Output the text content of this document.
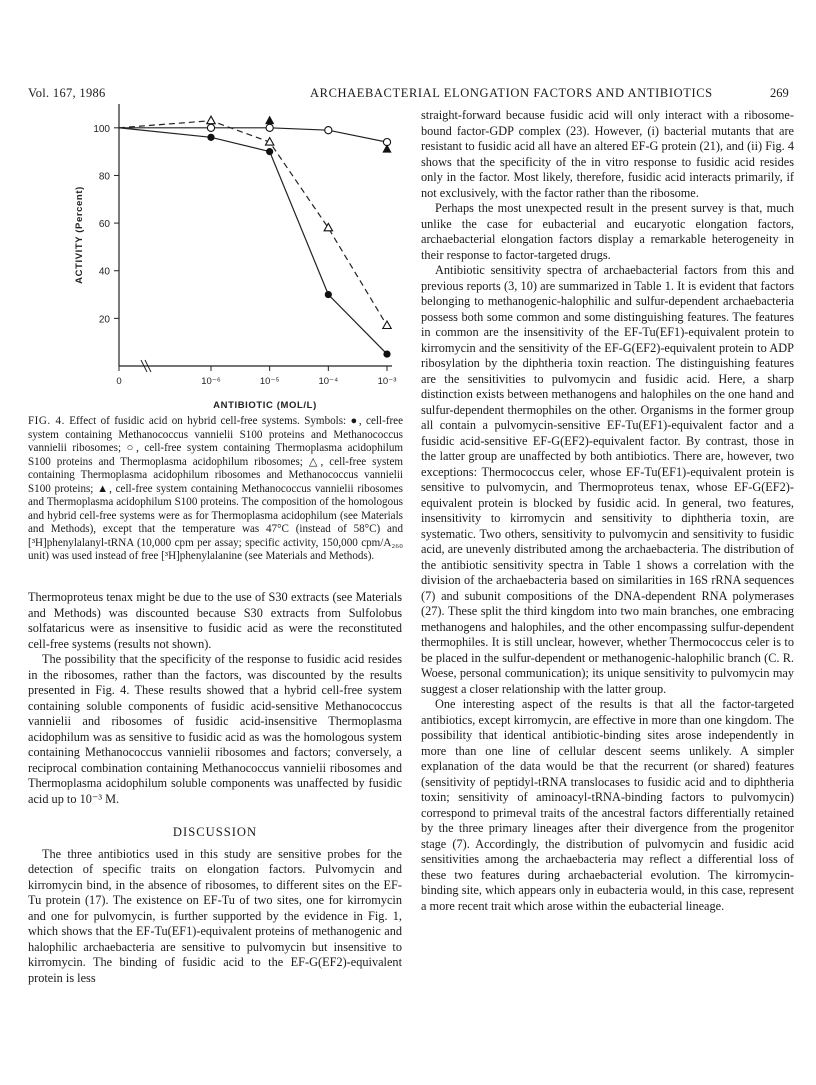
Vol. 167, 1986	ARCHAEBACTERIAL ELONGATION FACTORS AND ANTIBIOTICS	269
20
40
60
80
100
0	10⁻⁶	10⁻⁵	10⁻⁴	10⁻³
ACTIVITY (Percent)
ANTIBIOTIC (MOL/L)
FIG. 4. Effect of fusidic acid on hybrid cell-free systems. Symbols: ●, cell-free system containing Methanococcus vannielii S100 proteins and Methanococcus vannielii ribosomes; ○, cell-free system containing Thermoplasma acidophilum S100 proteins and Thermoplasma acidophilum ribosomes; △, cell-free system containing Thermoplasma acidophilum ribosomes and Methanococcus vannielii S100 proteins; ▲, cell-free system containing Methanococcus vannielii ribosomes and Thermoplasma acidophilum S100 proteins. The composition of the homologous and hybrid cell-free systems were as for Thermoplasma acidophilum (see Materials and Methods), except that the temperature was 47°C (instead of 58°C) and [³H]phenylalanyl-tRNA (10,000 cpm per assay; specific activity, 150,000 cpm/A₂₆₀ unit) was used instead of free [³H]phenylalanine (see Materials and Methods).

Thermoproteus tenax might be due to the use of S30 extracts (see Materials and Methods) was discounted because S30 extracts from Sulfolobus solfataricus were as insensitive to fusidic acid as were the reconstituted cell-free systems (results not shown).

The possibility that the specificity of the response to fusidic acid resides in the ribosomes, rather than the factors, was discounted by the results presented in Fig. 4. These results showed that a hybrid cell-free system containing soluble components of fusidic acid-sensitive Methanococcus vannielii and ribosomes of fusidic acid-insensitive Thermoplasma acidophilum was as sensitive to fusidic acid as was the homologous system containing Methanococcus vannielii ribosomes and factors; conversely, a reciprocal combination containing Methanococcus vannielii ribosomes and Thermoplasma acidophilum soluble components was unaffected by fusidic acid up to 10⁻³ M.

DISCUSSION

The three antibiotics used in this study are sensitive probes for the detection of specific traits on elongation factors. Pulvomycin and kirromycin bind, in the absence of ribosomes, to different sites on the EF-Tu protein (17). The existence on EF-Tu of two sites, one for kirromycin and one for pulvomycin, is further supported by the evidence in Fig. 1, which shows that the EF-Tu(EF1)-equivalent proteins of methanogenic and halophilic archaebacteria are sensitive to pulvomycin but insensitive to kirromycin. The binding of fusidic acid to the EF-G(EF2)-equivalent protein is less

straight-forward because fusidic acid will only interact with a ribosome-bound factor-GDP complex (23). However, (i) bacterial mutants that are resistant to fusidic acid all have an altered EF-G protein (21), and (ii) Fig. 4 shows that the specificity of the in vitro response to fusidic acid resides only in the factor. Most likely, therefore, fusidic acid interacts primarily, if not exclusively, with the factor rather than the ribosome.

Perhaps the most unexpected result in the present survey is that, much unlike the case for eubacterial and eucaryotic elongation factors, archaebacterial elongation factors display a remarkable heterogeneity in their response to factor-targeted drugs.

Antibiotic sensitivity spectra of archaebacterial factors from this and previous reports (3, 10) are summarized in Table 1. It is evident that factors belonging to methanogenic-halophilic and sulfur-dependent archaebacteria possess both some common and some distinguishing features. The features in common are the insensitivity of the EF-Tu(EF1)-equivalent protein to kirromycin and the sensitivity of the EF-G(EF2)-equivalent protein to ADP ribosylation by the diphtheria toxin reaction. The distinguishing features are the sensitivities to pulvomycin and fusidic acid. Here, a sharp distinction exists between methanogens and halophiles on the one hand and sulfur-dependent thermophiles on the other. Organisms in the former group all contain a pulvomycin-sensitive EF-Tu(EF1)-equivalent factor and a fusidic acid-sensitive EF-G(EF2)-equivalent factor. By contrast, those in the latter group are unaffected by both antibiotics. There are, however, two exceptions: Thermococcus celer, whose EF-Tu(EF1)-equivalent protein is sensitive to pulvomycin, and Thermoproteus tenax, whose EF-G(EF2)-equivalent protein is blocked by fusidic acid. In general, two features, insensitivity to kirromycin and sensitivity to diphtheria toxin, are systematic. Two others, sensitivity to pulvomycin and sensitivity to fusidic acid, are unevenly distributed among the archaebacteria. The distribution of the antibiotic sensitivity spectra in Table 1 shows a correlation with the division of the archaebacteria based on similarities in 16S rRNA sequences (7) and subunit compositions of the DNA-dependent RNA polymerases (27). These split the third kingdom into two main branches, one embracing methanogens and halophiles, and the other encompassing sulfur-dependent thermophiles. It is still unclear, however, whether Thermococcus celer is to be placed in the sulfur-dependent or methanogenic-halophilic branch (C. R. Woese, personal communication); its unique sensitivity to pulvomycin may suggest a closer relationship with the latter group.

One interesting aspect of the results is that all the factor-targeted antibiotics, except kirromycin, are effective in more than one kingdom. The possibility that identical antibiotic-binding sites arose independently in more than one line of cellular descent seems unlikely. A simpler explanation of the data would be that the recurrent (or shared) features (sensitivity of peptidyl-tRNA translocases to fusidic acid and to diphtheria toxin; sensitivity of aminoacyl-tRNA-binding factors to pulvomycin) correspond to primeval traits of the ancestral factors differentially retained by the three primary lineages after their divergence from the progenitor stage (7). Accordingly, the distribution of pulvomycin and fusidic acid sensitivities among the archaebacteria may reflect a differential loss of these two features during archaebacterial evolution. The kirromycin-binding site, which appears only in eubacteria would, in this case, represent a more recent trait which arose within the eubacterial lineage.
